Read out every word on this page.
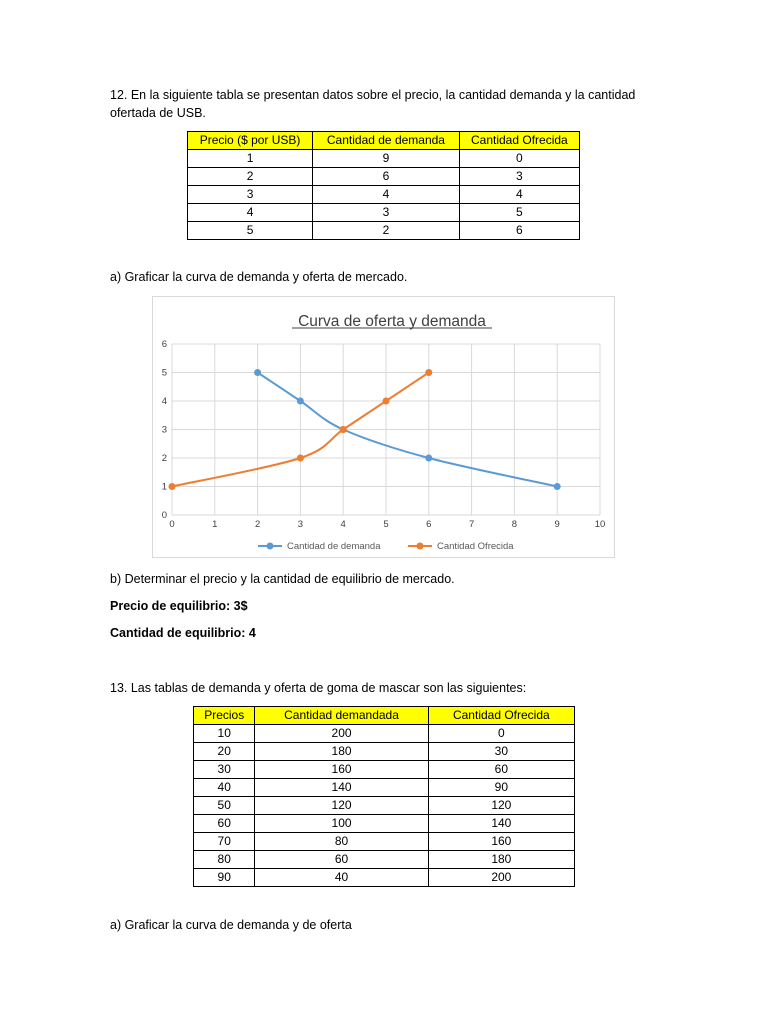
12. En la siguiente tabla se presentan datos sobre el precio, la cantidad demanda y la cantidad ofertada de USB.

Precio ($ por USB)	Cantidad de demanda	Cantidad Ofrecida
1	9	0
2	6	3
3	4	4
4	3	5
5	2	6

a) Graficar la curva de demanda y oferta de mercado.

Curva de oferta y demanda
0	1	2	3	4	5	6	7	8	9	10
0
1
2
3
4
5
6
Cantidad de demanda	Cantidad Ofrecida

b) Determinar el precio y la cantidad de equilibrio de mercado.

Precio de equilibrio: 3$

Cantidad de equilibrio: 4

13. Las tablas de demanda y oferta de goma de mascar son las siguientes:

Precios	Cantidad demandada	Cantidad Ofrecida
10	200	0
20	180	30
30	160	60
40	140	90
50	120	120
60	100	140
70	80	160
80	60	180
90	40	200

a) Graficar la curva de demanda y de oferta
